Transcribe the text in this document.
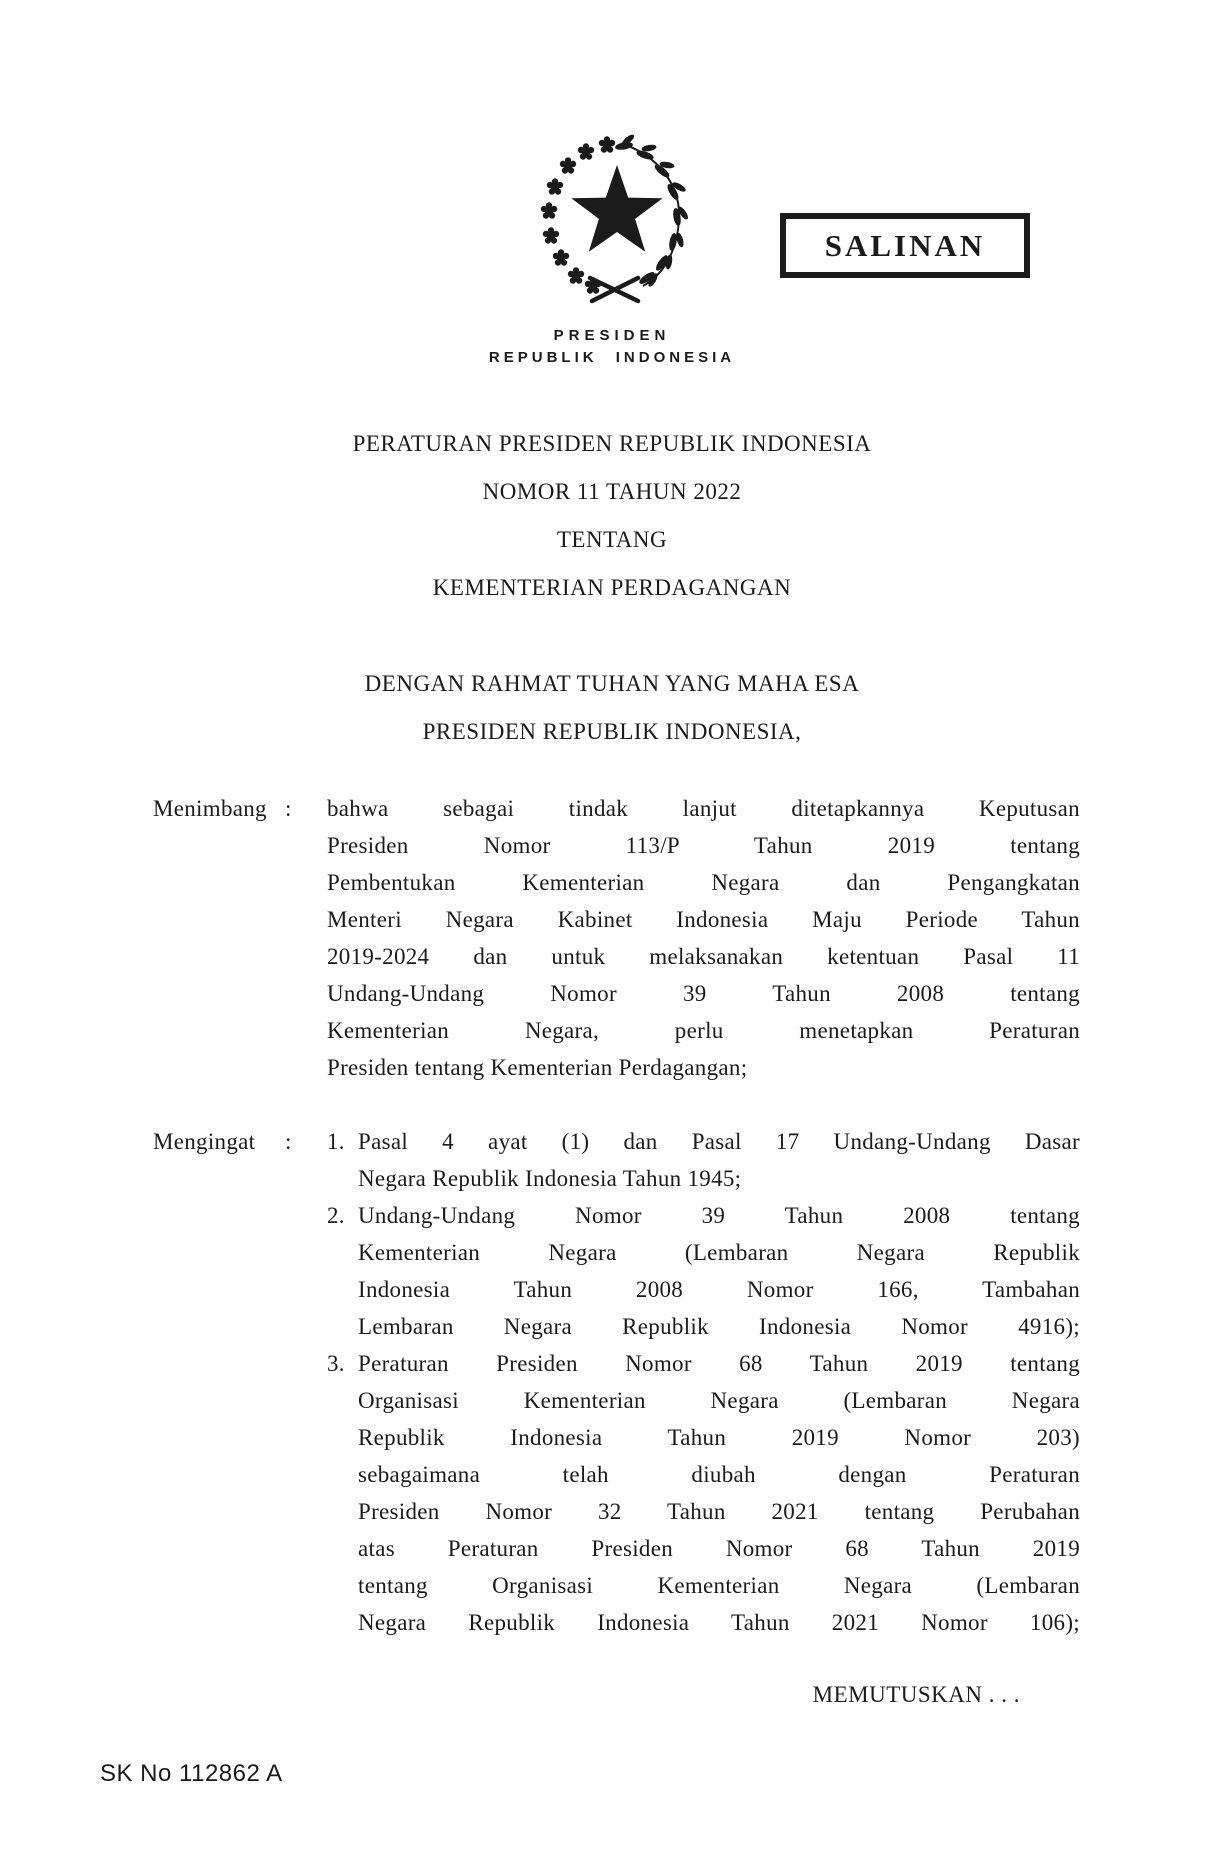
SALINAN
PRESIDEN
REPUBLIK INDONESIA
PERATURAN PRESIDEN REPUBLIK INDONESIA
NOMOR 11 TAHUN 2022
TENTANG
KEMENTERIAN PERDAGANGAN
DENGAN RAHMAT TUHAN YANG MAHA ESA
PRESIDEN REPUBLIK INDONESIA,
Menimbang : bahwa sebagai tindak lanjut ditetapkannya Keputusan
Presiden Nomor 113/P Tahun 2019 tentang
Pembentukan Kementerian Negara dan Pengangkatan
Menteri Negara Kabinet Indonesia Maju Periode Tahun
2019-2024 dan untuk melaksanakan ketentuan Pasal 11
Undang-Undang Nomor 39 Tahun 2008 tentang
Kementerian Negara, perlu menetapkan Peraturan
Presiden tentang Kementerian Perdagangan;
Mengingat : 1. Pasal 4 ayat (1) dan Pasal 17 Undang-Undang Dasar
Negara Republik Indonesia Tahun 1945;
2. Undang-Undang Nomor 39 Tahun 2008 tentang
Kementerian Negara (Lembaran Negara Republik
Indonesia Tahun 2008 Nomor 166, Tambahan
Lembaran Negara Republik Indonesia Nomor 4916);
3. Peraturan Presiden Nomor 68 Tahun 2019 tentang
Organisasi Kementerian Negara (Lembaran Negara
Republik Indonesia Tahun 2019 Nomor 203)
sebagaimana telah diubah dengan Peraturan
Presiden Nomor 32 Tahun 2021 tentang Perubahan
atas Peraturan Presiden Nomor 68 Tahun 2019
tentang Organisasi Kementerian Negara (Lembaran
Negara Republik Indonesia Tahun 2021 Nomor 106);
MEMUTUSKAN . . .
SK No 112862 A
